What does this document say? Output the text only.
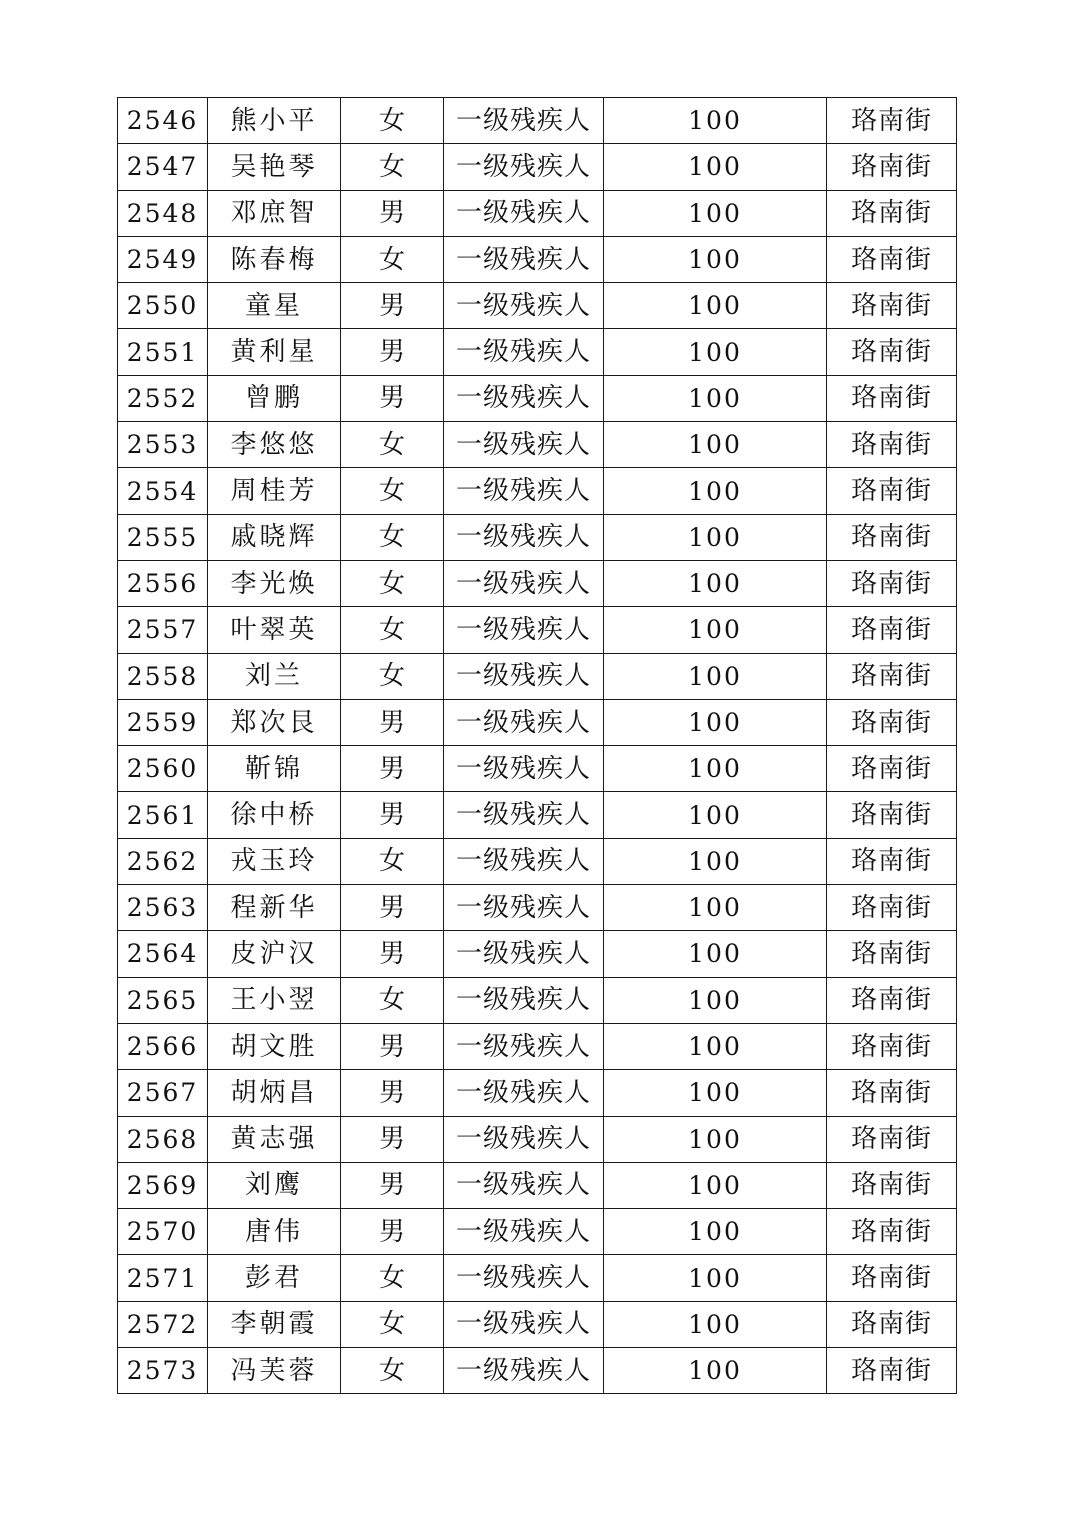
2546	熊小平	女	一级残疾人	100	珞南街
2547	吴艳琴	女	一级残疾人	100	珞南街
2548	邓庶智	男	一级残疾人	100	珞南街
2549	陈春梅	女	一级残疾人	100	珞南街
2550	童星	男	一级残疾人	100	珞南街
2551	黄利星	男	一级残疾人	100	珞南街
2552	曾鹏	男	一级残疾人	100	珞南街
2553	李悠悠	女	一级残疾人	100	珞南街
2554	周桂芳	女	一级残疾人	100	珞南街
2555	戚晓辉	女	一级残疾人	100	珞南街
2556	李光焕	女	一级残疾人	100	珞南街
2557	叶翠英	女	一级残疾人	100	珞南街
2558	刘兰	女	一级残疾人	100	珞南街
2559	郑次艮	男	一级残疾人	100	珞南街
2560	靳锦	男	一级残疾人	100	珞南街
2561	徐中桥	男	一级残疾人	100	珞南街
2562	戎玉玲	女	一级残疾人	100	珞南街
2563	程新华	男	一级残疾人	100	珞南街
2564	皮沪汉	男	一级残疾人	100	珞南街
2565	王小翌	女	一级残疾人	100	珞南街
2566	胡文胜	男	一级残疾人	100	珞南街
2567	胡炳昌	男	一级残疾人	100	珞南街
2568	黄志强	男	一级残疾人	100	珞南街
2569	刘鹰	男	一级残疾人	100	珞南街
2570	唐伟	男	一级残疾人	100	珞南街
2571	彭君	女	一级残疾人	100	珞南街
2572	李朝霞	女	一级残疾人	100	珞南街
2573	冯芙蓉	女	一级残疾人	100	珞南街
